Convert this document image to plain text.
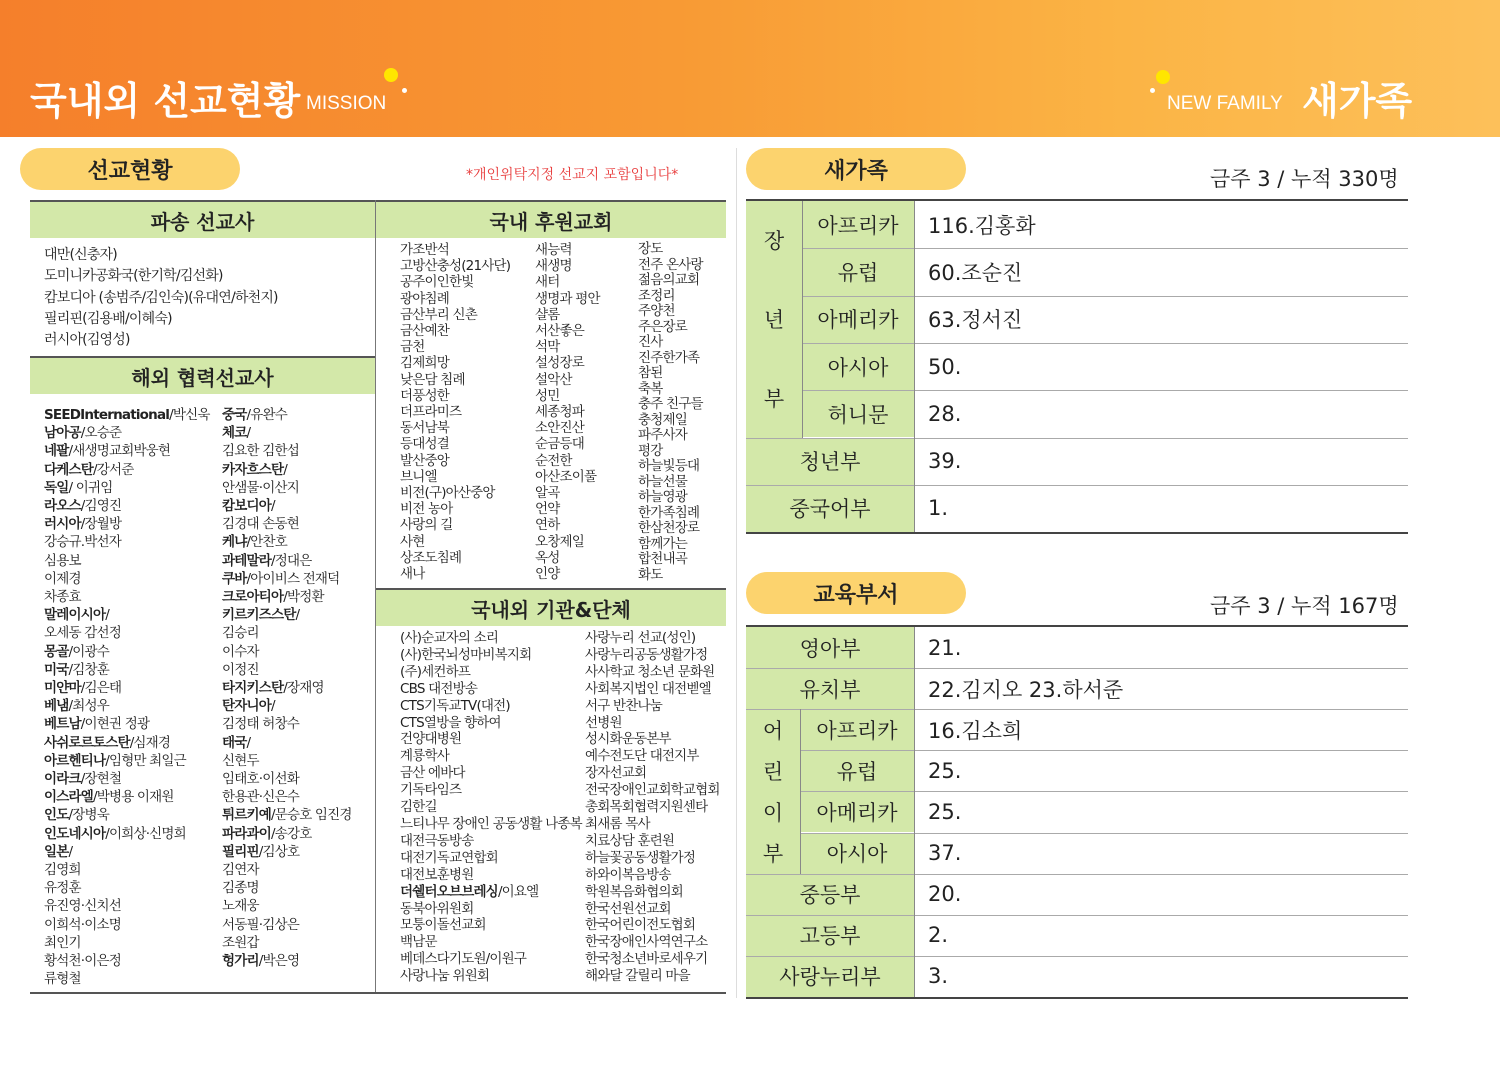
국내외 선교현황 MISSION	NEW FAMILY 새가족
선교현황	*개인위탁지정 선교지 포함입니다*
파송 선교사	국내 후원교회
대만(신충자)
도미니카공화국(한기학/김선화)
캄보디아 (송범주/김인숙)(유대연/하천지)
필리핀(김용배/이혜숙)
러시아(김영성)
해외 협력선교사
SEEDInternational/박신욱
남아공/오승준
네팔/새생명교회박웅현
다케스탄/강서준
독일/ 이귀임
라오스/김영진
러시아/장월방
강승규.박선자
심용보
이제경
차종효
말레이시아/
오세동 감선정
몽골/이광수
미국/김창훈
미얀마/김은태
베냄/최성우
베트남/이현권 정광
사쉬로르토스탄/심재경
아르헨티나/임형만 최일근
이라크/장현철
이스라엘/박병용 이재원
인도/장병욱
인도네시아/이희상·신명희
일본/
김영희
유정훈
유진영·신치선
이희석·이소명
최인기
황석천·이은정
류형철
중국/유완수
체코/
김요한 김한섭
카자흐스탄/
안샘물·이산지
캄보디아/
김경대 손동현
케냐/안찬호
과테말라/정대은
쿠바/아이비스 전재덕
크로아티아/박정환
키르키즈스탄/
김승리
이수자
이정진
타지키스탄/장재영
탄자니아/
김정태 허창수
태국/
신현두
임태호·이선화
한용관·신은수
튀르키예/문승호 임진경
파라과이/송강호
필리핀/김상호
김연자
김종명
노재웅
서동필·김상은
조원갑
헝가리/박은영
가조반석
고방산충성(21사단)
공주이인한빛
광야침례
금산부리 신촌
금산예찬
금천
김제희망
낮은담 침례
더풍성한
더프라미즈
동서남북
등대성결
발산중앙
브니엘
비전(구)아산중앙
비전 농아
사랑의 길
사현
상조도침례
새나
새능력
새생명
새터
생명과 평안
샬롬
서산좋은
석막
설성장로
설악산
성민
세종청파
소안진산
순금등대
순전한
아산조이풀
알곡
언약
연하
오창제일
옥성
인양
장도
전주 온사랑
젊음의교회
조정리
주양천
주은장로
진사
진주한가족
참된
축복
충주 친구들
충청제일
파주사자
평강
하늘빛등대
하늘선물
하늘영광
한가족침례
한삼천장로
함께가는
합천내곡
화도
국내외 기관&단체
(사)순교자의 소리
(사)한국뇌성마비복지회
(주)세컨하프
CBS 대전방송
CTS기독교TV(대전)
CTS열방을 향하여
건양대병원
계룡학사
금산 에바다
기독타임즈
김한길
느티나무 장애인 공동생활 나종복
대전극동방송
대전기독교연합회
대전보훈병원
더쉘터오브브레싱/이요엘
동북아위원회
모퉁이돌선교회
백남문
베데스다기도원/이원구
사랑나눔 위원회
사랑누리 선교(성인)
사랑누리공동생활가정
사사학교 청소년 문화원
사회복지법인 대전벧엘
서구 반찬나눔
선병원
성시화운동본부
예수전도단 대전지부
장자선교회
전국장애인교회학교협회
총회목회협력지원센타
최새롬 목사
치료상담 훈련원
하늘꽃공동생활가정
하와이복음방송
학원복음화협의회
한국선원선교회
한국어린이전도협회
한국장애인사역연구소
한국청소년바로세우기
해와달 갈릴리 마을
새가족	금주 3 / 누적 330명
장
년
부
아프리카	116.김홍화
유럽	60.조순진
아메리카	63.정서진
아시아	50.
허니문	28.
청년부	39.
중국어부	1.
교육부서	금주 3 / 누적 167명
영아부	21.
유치부	22.김지오 23.하서준
어
린
이
부
아프리카	16.김소희
유럽	25.
아메리카	25.
아시아	37.
중등부	20.
고등부	2.
사랑누리부	3.
